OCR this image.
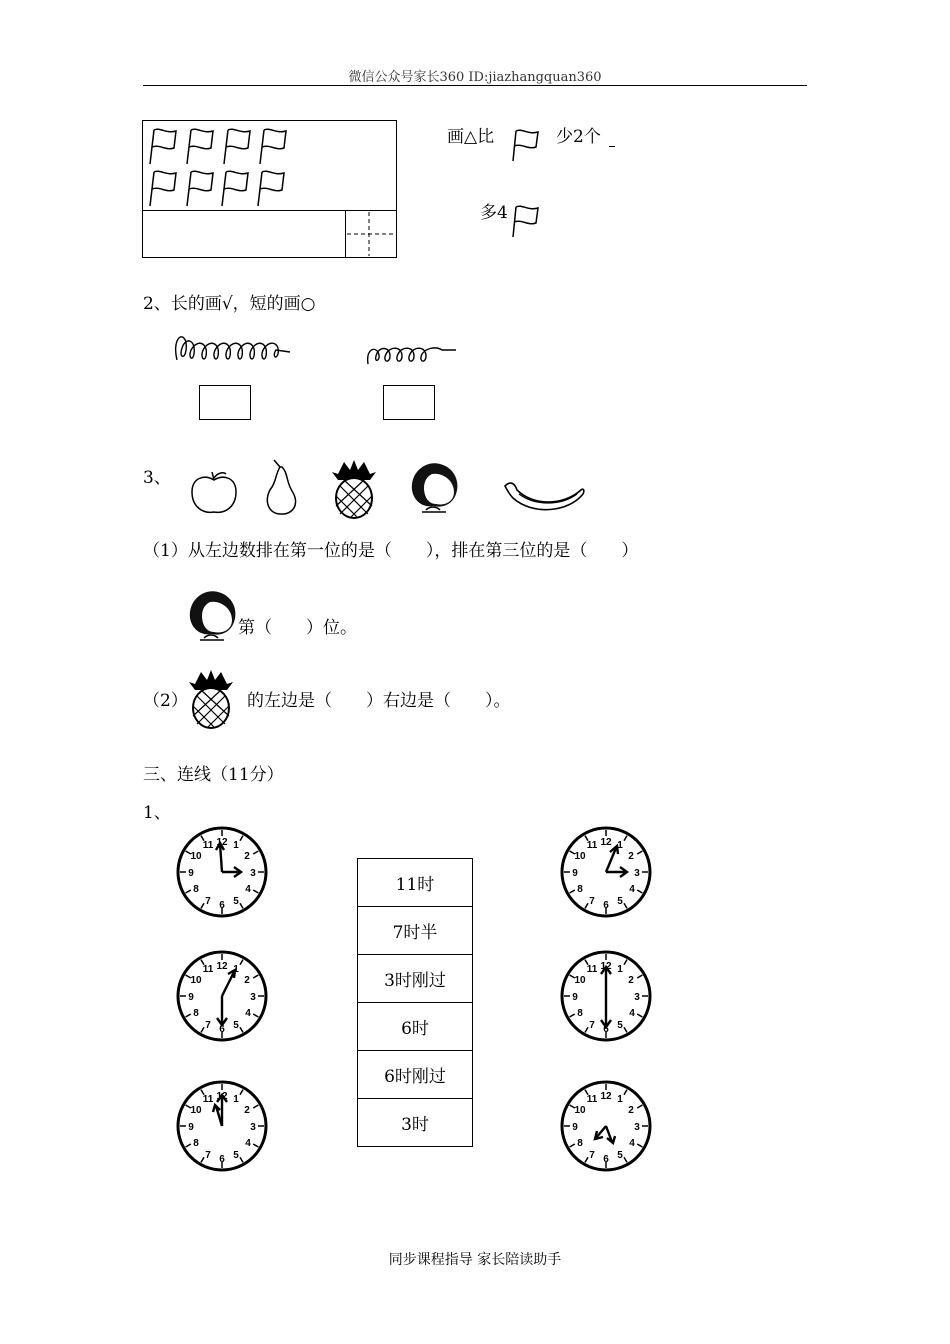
微信公众号家长360 ID:jiazhangquan360
画△比	少2个
多4
2、长的画√，短的画○
3、
（1）从左边数排在第一位的是（　　），排在第三位的是（　　）
第（　　）位。
（2）	的左边是（　　）右边是（　　）。
三、连线（11分）
1、
12 1
2
3
4
5
6
7
8
9
10
11
11时
7时半
3时刚过
6时
6时刚过
3时
同步课程指导 家长陪读助手
